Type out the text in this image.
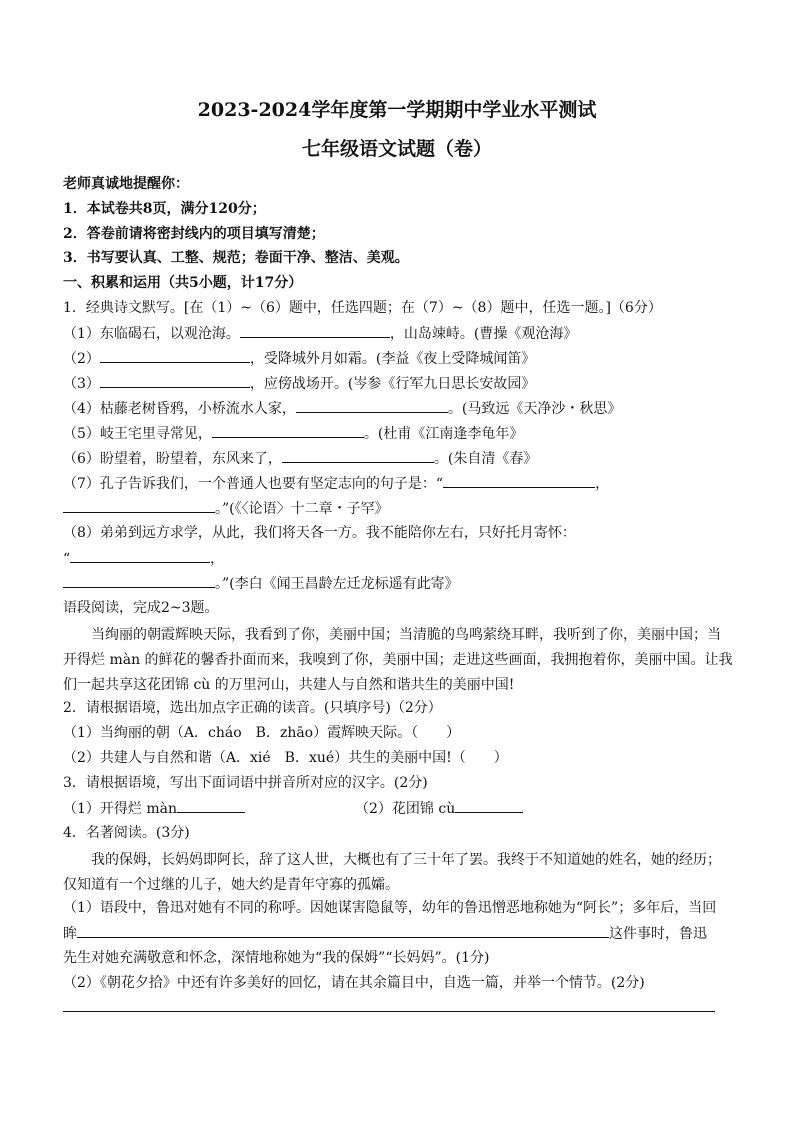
2023-2024学年度第一学期期中学业水平测试
七年级语文试题（卷）
老师真诚地提醒你：
1．本试卷共8页，满分120分；
2．答卷前请将密封线内的项目填写清楚；
3．书写要认真、工整、规范；卷面干净、整洁、美观。
一、积累和运用（共5小题，计17分）
1．经典诗文默写。[在（1）~（6）题中，任选四题；在（7）~（8）题中，任选一题。]（6分）
（1）东临碣石，以观沧海。	，山岛竦峙。(曹操《观沧海》
（2）	，受降城外月如霜。(李益《夜上受降城闻笛》
（3）	，应傍战场开。(岑参《行军九日思长安故园》
（4）枯藤老树昏鸦，小桥流水人家，	。(马致远《天净沙・秋思》
（5）岐王宅里寻常见，	。(杜甫《江南逢李龟年》
（6）盼望着，盼望着，东风来了，	。(朱自清《春》
（7）孔子告诉我们，一个普通人也要有坚定志向的句子是：“	，
。”(《〈论语〉十二章・子罕》
（8）弟弟到远方求学，从此，我们将天各一方。我不能陪你左右，只好托月寄怀：
“	，
。”(李白《闻王昌龄左迁龙标遥有此寄》
语段阅读，完成2~3题。
当绚丽的朝霞辉映天际，我看到了你，美丽中国；当清脆的鸟鸣萦绕耳畔，我听到了你，美丽中国；当开得烂 màn 的鲜花的馨香扑面而来，我嗅到了你，美丽中国；走进这些画面，我拥抱着你，美丽中国。让我们一起共享这花团锦 cù 的万里河山，共建人与自然和谐共生的美丽中国!
2．请根据语境，选出加点字正确的读音。(只填序号)（2分）
（1）当绚丽的朝（A．cháo　B．zhāo）霞辉映天际。（　　）
（2）共建人与自然和谐（A．xié　B．xué）共生的美丽中国!（　　）
3．请根据语境，写出下面词语中拼音所对应的汉字。(2分)
（1）开得烂 màn	（2）花团锦 cù
4．名著阅读。(3分)
我的保姆，长妈妈即阿长，辞了这人世，大概也有了三十年了罢。我终于不知道她的姓名，她的经历；仅知道有一个过继的儿子，她大约是青年守寡的孤孀。
（1）语段中，鲁迅对她有不同的称呼。因她谋害隐鼠等，幼年的鲁迅憎恶地称她为“阿长”；多年后，当回
眸	这件事时，鲁迅
先生对她充满敬意和怀念，深情地称她为“我的保姆”“长妈妈”。(1分)
（2）《朝花夕拾》中还有许多美好的回忆，请在其余篇目中，自选一篇，并举一个情节。(2分)
